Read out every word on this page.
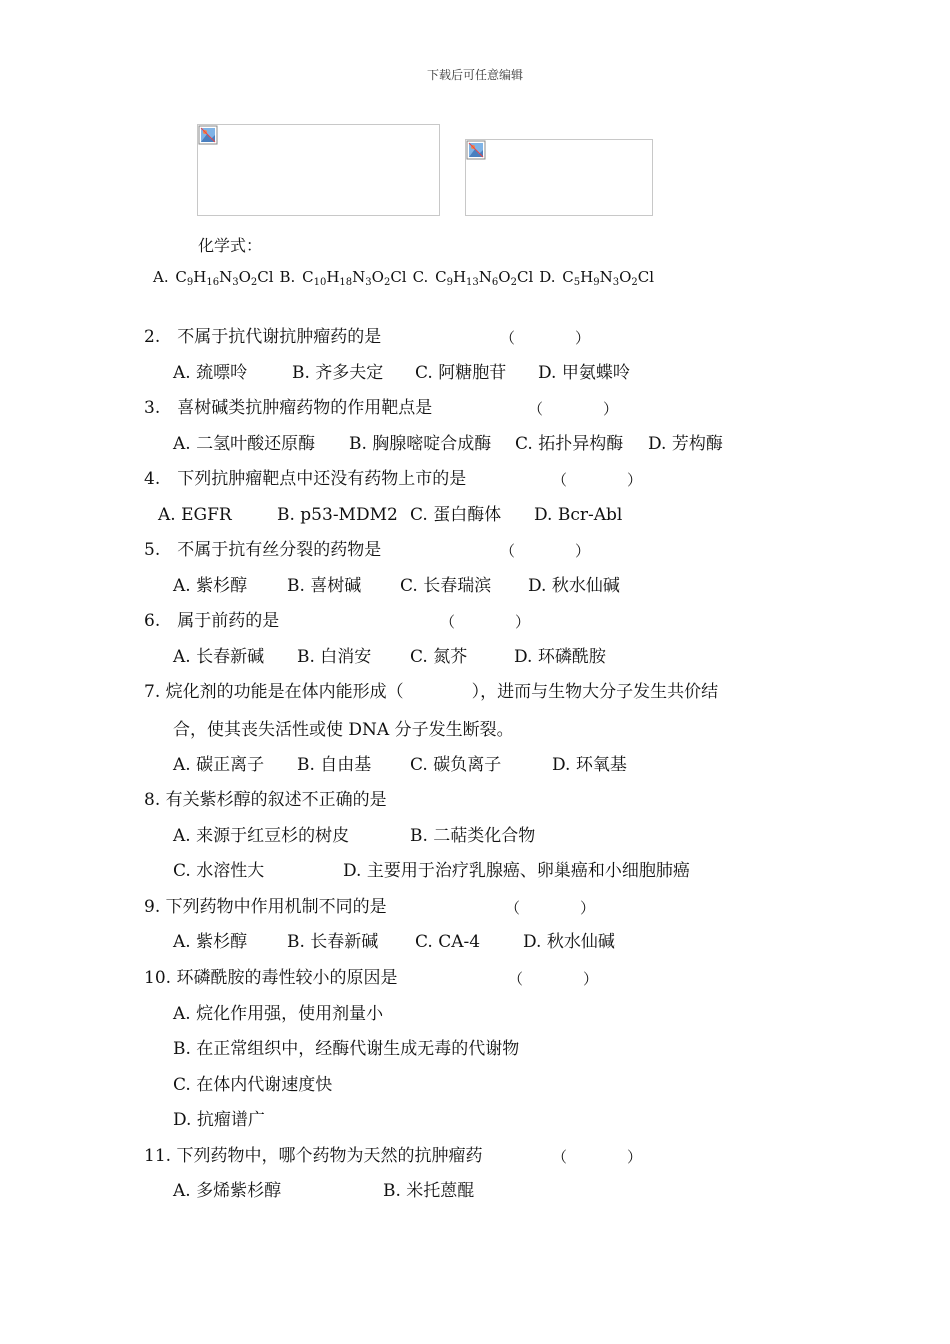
下载后可任意编辑
化学式：
A. $C_9H_{16}N_3O_2Cl$ B. $C_{10}H_{18}N_3O_2Cl$ C. $C_9H_{13}N_6O_2Cl$ D. $C_5H_9N_3O_2Cl$
2.　不属于抗代谢抗肿瘤药的是	（　　　　）
A. 巯嘌呤	B. 齐多夫定 C. 阿糖胞苷 D. 甲氨蝶呤
3.　喜树碱类抗肿瘤药物的作用靶点是	（　　　　）
A. 二氢叶酸还原酶 B. 胸腺嘧啶合成酶 C. 拓扑异构酶 D. 芳构酶
4.　下列抗肿瘤靶点中还没有药物上市的是	（　　　　）
A. EGFR	B. p53-MDM2 C. 蛋白酶体 D. Bcr-Abl
5.　不属于抗有丝分裂的药物是	（　　　　）
A. 紫杉醇 B. 喜树碱 C. 长春瑞滨 D. 秋水仙碱
6.　属于前药的是	（　　　　）
A. 长春新碱 B. 白消安 C. 氮芥	D. 环磷酰胺
7. 烷化剂的功能是在体内能形成（　　　　），进而与生物大分子发生共价结
合，使其丧失活性或使 DNA 分子发生断裂。
A. 碳正离子 B. 自由基 C. 碳负离子	D. 环氧基
8. 有关紫杉醇的叙述不正确的是
A. 来源于红豆杉的树皮	B. 二萜类化合物
C. 水溶性大	D. 主要用于治疗乳腺癌、卵巢癌和小细胞肺癌
9. 下列药物中作用机制不同的是	（　　　　）
A. 紫杉醇 B. 长春新碱 C. CA-4	D. 秋水仙碱
10. 环磷酰胺的毒性较小的原因是	（　　　　）
A. 烷化作用强，使用剂量小
B. 在正常组织中，经酶代谢生成无毒的代谢物
C. 在体内代谢速度快
D. 抗瘤谱广
11. 下列药物中，哪个药物为天然的抗肿瘤药	（　　　　）
A. 多烯紫杉醇	B. 米托蒽醌
